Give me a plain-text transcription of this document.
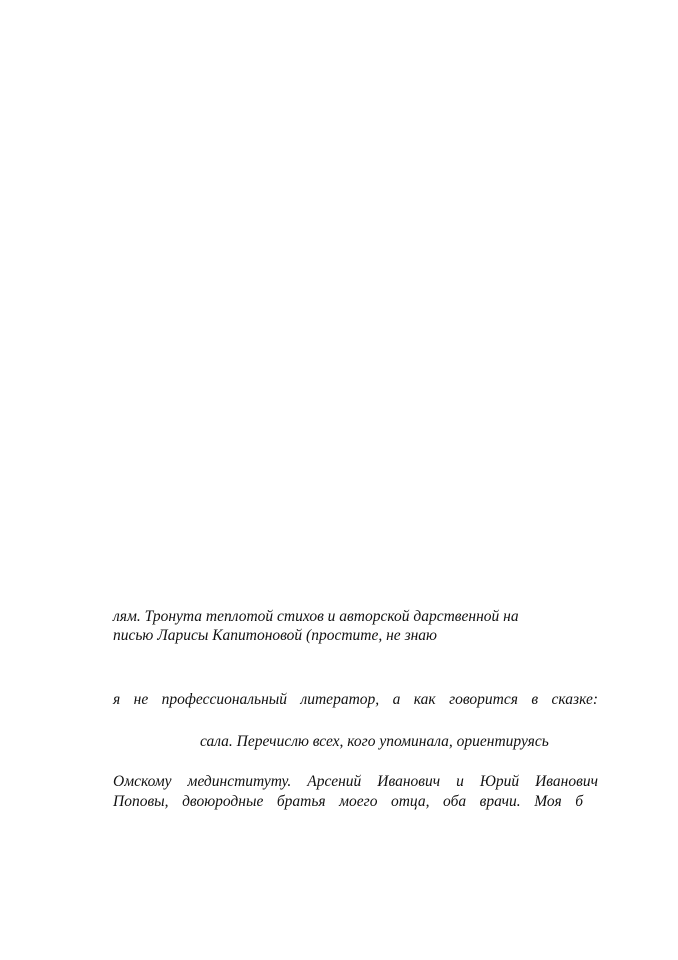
лям. Тронута теплотой стихов и авторской дарственной на

писью Ларисы Капитоновой (простите, не знаю

я не профессиональный литератор, а как говорится в сказке:

сала. Перечислю всех, кого упоминала, ориентируясь

Омскому мединституту. Арсений Иванович и Юрий Иванович

Поповы, двоюродные братья моего отца, оба врачи. Моя б
